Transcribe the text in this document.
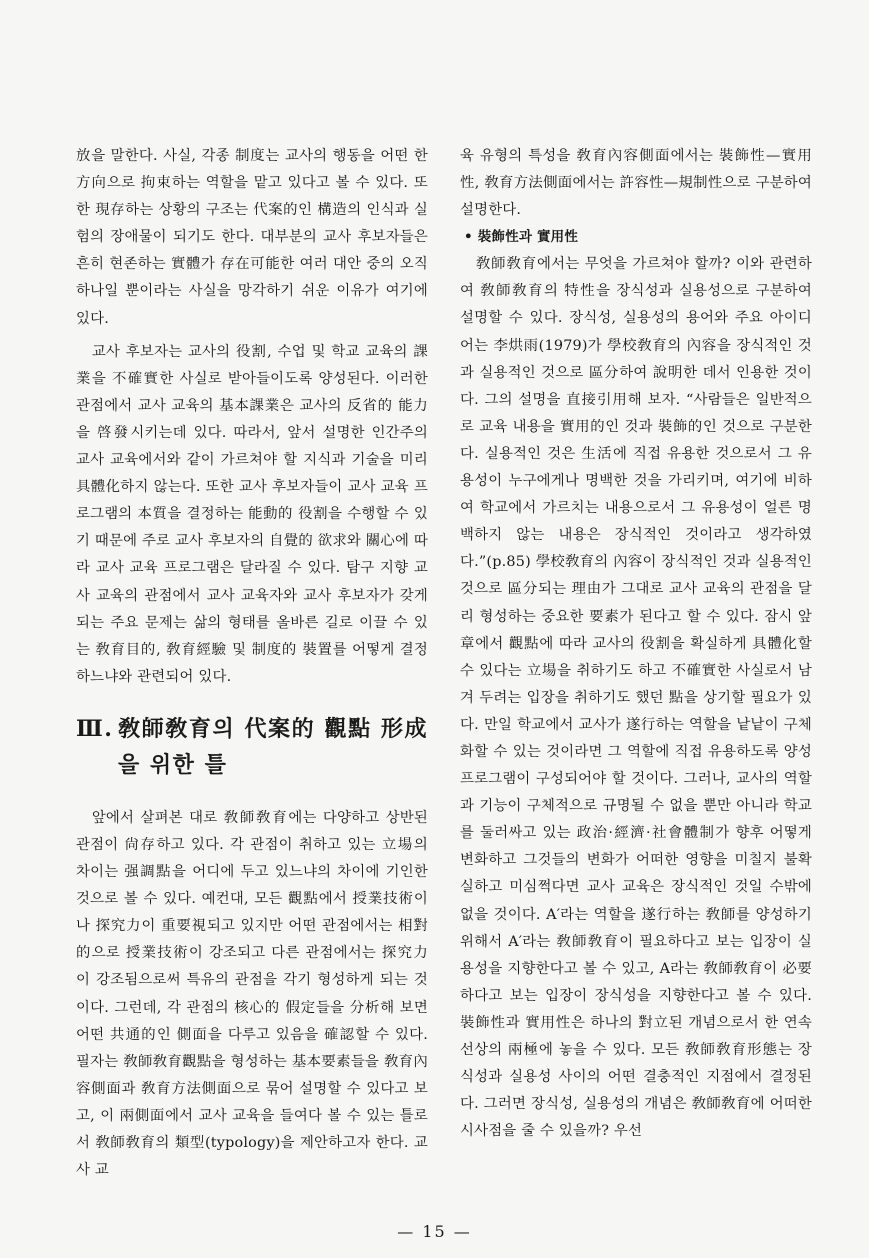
放을 말한다. 사실, 각종 制度는 교사의 행동을 어떤 한 方向으로 拘束하는 역할을 맡고 있다고 볼 수 있다. 또한 現存하는 상황의 구조는 代案的인 構造의 인식과 실험의 장애물이 되기도 한다. 대부분의 교사 후보자들은 흔히 현존하는 實體가 存在可能한 여러 대안 중의 오직 하나일 뿐이라는 사실을 망각하기 쉬운 이유가 여기에 있다.

교사 후보자는 교사의 役割, 수업 및 학교 교육의 課業을 不確實한 사실로 받아들이도록 양성된다. 이러한 관점에서 교사 교육의 基本課業은 교사의 反省的 能力을 啓發시키는데 있다. 따라서, 앞서 설명한 인간주의 교사 교육에서와 같이 가르쳐야 할 지식과 기술을 미리 具體化하지 않는다. 또한 교사 후보자들이 교사 교육 프로그램의 本質을 결정하는 能動的 役割을 수행할 수 있기 때문에 주로 교사 후보자의 自覺的 欲求와 關心에 따라 교사 교육 프로그램은 달라질 수 있다. 탐구 지향 교사 교육의 관점에서 교사 교육자와 교사 후보자가 갖게 되는 주요 문제는 삶의 형태를 올바른 길로 이끌 수 있는 敎育目的, 敎育經驗 및 制度的 裝置를 어떻게 결정하느냐와 관련되어 있다.

Ⅲ. 敎師敎育의 代案的 觀點 形成을 위한 틀

앞에서 살펴본 대로 敎師敎育에는 다양하고 상반된 관점이 尙存하고 있다. 각 관점이 취하고 있는 立場의 차이는 强調點을 어디에 두고 있느냐의 차이에 기인한 것으로 볼 수 있다. 예컨대, 모든 觀點에서 授業技術이나 探究力이 重要視되고 있지만 어떤 관점에서는 相對的으로 授業技術이 강조되고 다른 관점에서는 探究力이 강조됨으로써 특유의 관점을 각기 형성하게 되는 것이다. 그런데, 각 관점의 核心的 假定들을 分析해 보면 어떤 共通的인 側面을 다루고 있음을 確認할 수 있다. 필자는 敎師敎育觀點을 형성하는 基本要素들을 敎育內容側面과 敎育方法側面으로 묶어 설명할 수 있다고 보고, 이 兩側面에서 교사 교육을 들여다 볼 수 있는 틀로서 敎師敎育의 類型(typology)을 제안하고자 한다. 교사 교

육 유형의 특성을 敎育內容側面에서는 裝飾性—實用性, 敎育方法側面에서는 許容性—規制性으로 구분하여 설명한다.

• 裝飾性과 實用性

敎師敎育에서는 무엇을 가르쳐야 할까? 이와 관련하여 敎師敎育의 特性을 장식성과 실용성으로 구분하여 설명할 수 있다. 장식성, 실용성의 용어와 주요 아이디어는 李烘雨(1979)가 學校敎育의 內容을 장식적인 것과 실용적인 것으로 區分하여 說明한 데서 인용한 것이다. 그의 설명을 直接引用해 보자. “사람들은 일반적으로 교육 내용을 實用的인 것과 裝飾的인 것으로 구분한다. 실용적인 것은 生活에 직접 유용한 것으로서 그 유용성이 누구에게나 명백한 것을 가리키며, 여기에 비하여 학교에서 가르치는 내용으로서 그 유용성이 얼른 명백하지 않는 내용은 장식적인 것이라고 생각하였다.”(p.85) 學校敎育의 內容이 장식적인 것과 실용적인 것으로 區分되는 理由가 그대로 교사 교육의 관점을 달리 형성하는 중요한 要素가 된다고 할 수 있다. 잠시 앞 章에서 觀點에 따라 교사의 役割을 확실하게 具體化할 수 있다는 立場을 취하기도 하고 不確實한 사실로서 남겨 두려는 입장을 취하기도 했던 點을 상기할 필요가 있다. 만일 학교에서 교사가 遂行하는 역할을 낱낱이 구체화할 수 있는 것이라면 그 역할에 직접 유용하도록 양성 프로그램이 구성되어야 할 것이다. 그러나, 교사의 역할과 기능이 구체적으로 규명될 수 없을 뿐만 아니라 학교를 둘러싸고 있는 政治·經濟·社會體制가 향후 어떻게 변화하고 그것들의 변화가 어떠한 영향을 미칠지 불확실하고 미심쩍다면 교사 교육은 장식적인 것일 수밖에 없을 것이다. A′라는 역할을 遂行하는 敎師를 양성하기 위해서 A′라는 敎師敎育이 필요하다고 보는 입장이 실용성을 지향한다고 볼 수 있고, A라는 敎師敎育이 必要하다고 보는 입장이 장식성을 지향한다고 볼 수 있다. 裝飾性과 實用性은 하나의 對立된 개념으로서 한 연속선상의 兩極에 놓을 수 있다. 모든 敎師敎育形態는 장식성과 실용성 사이의 어떤 결충적인 지점에서 결정된다. 그러면 장식성, 실용성의 개념은 敎師敎育에 어떠한 시사점을 줄 수 있을까? 우선

— 15 —
